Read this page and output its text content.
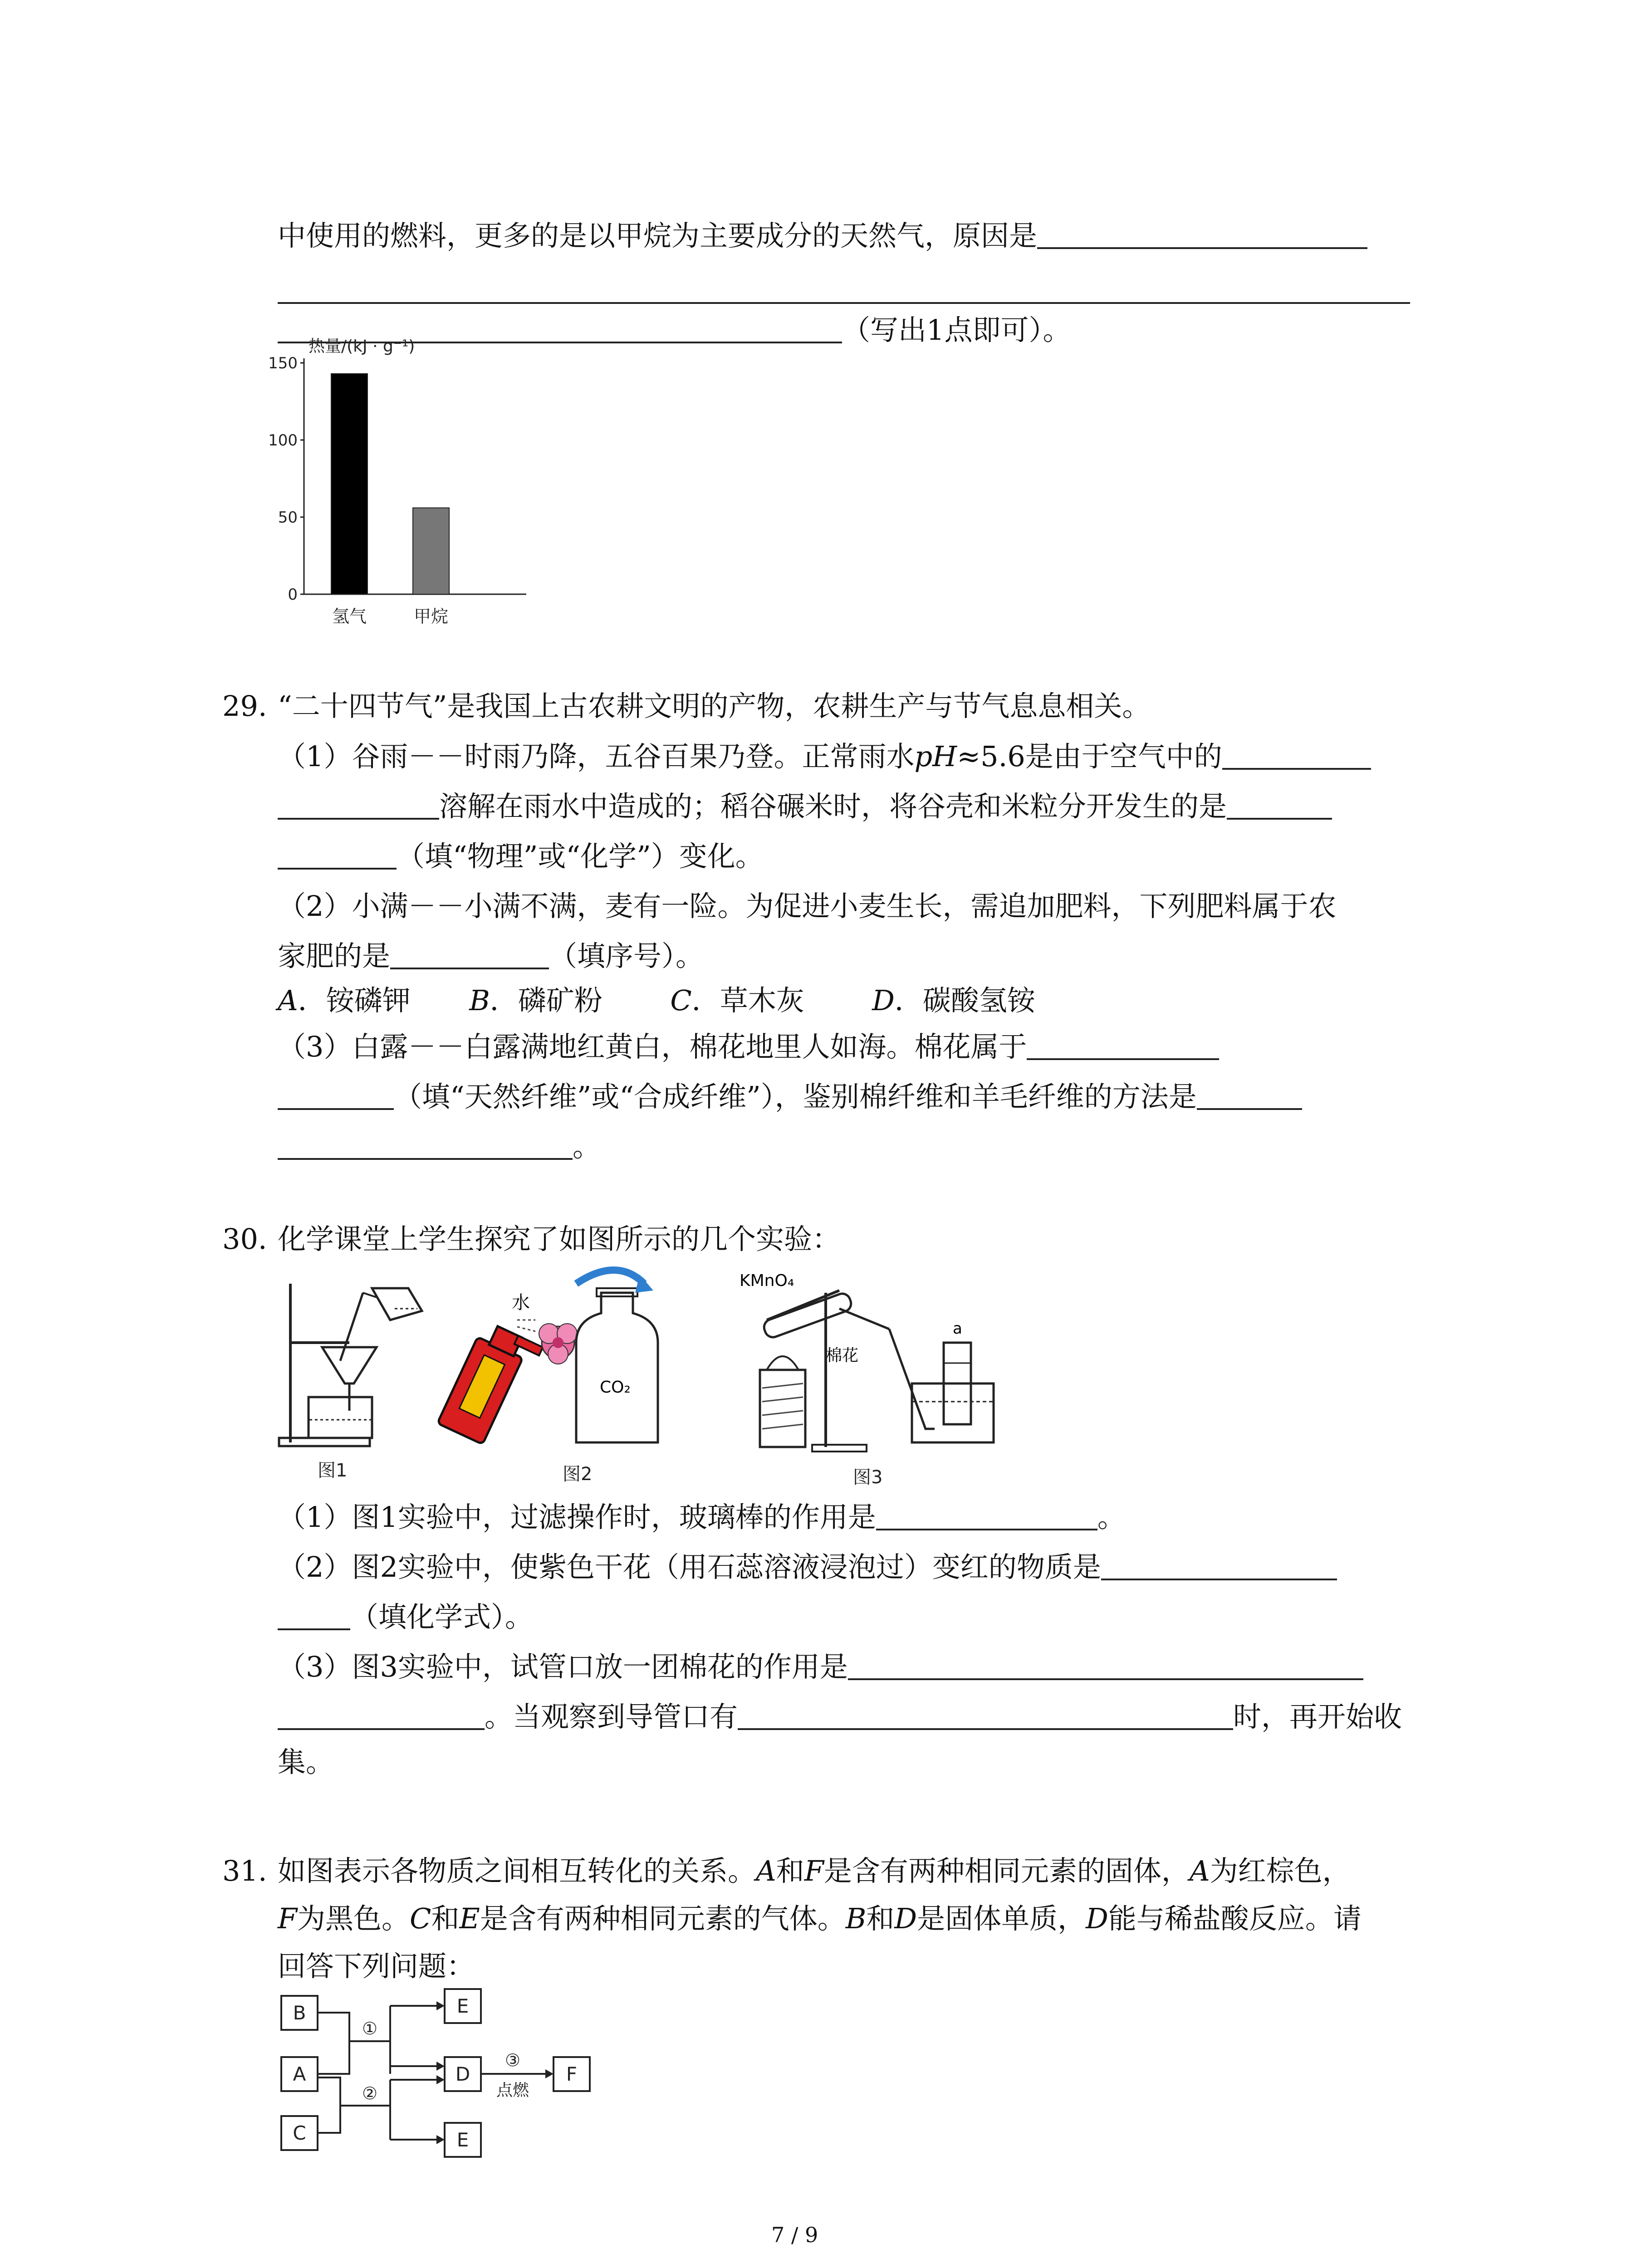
中使用的燃料，更多的是以甲烷为主要成分的天然气，原因是
（写出1点即可）。
热量/(kJ · g⁻¹)
0
50
100
150
氢气	甲烷
29. “二十四节气”是我国上古农耕文明的产物，农耕生产与节气息息相关。
（1）谷雨－－时雨乃降，五谷百果乃登。正常雨水pH≈5.6是由于空气中的
溶解在雨水中造成的；稻谷碾米时，将谷壳和米粒分开发生的是
（填“物理”或“化学”）变化。
（2）小满－－小满不满，麦有一险。为促进小麦生长，需追加肥料，下列肥料属于农
家肥的是	（填序号）。
A．铵磷钾 B．磷矿粉 C．草木灰 D．碳酸氢铵
（3）白露－－白露满地红黄白，棉花地里人如海。棉花属于
（填“天然纤维”或“合成纤维”），鉴别棉纤维和羊毛纤维的方法是
。
30. 化学课堂上学生探究了如图所示的几个实验：
图1
水
CO₂
图2
KMnO₄
棉花
a
图3
（1）图1实验中，过滤操作时，玻璃棒的作用是	。
（2）图2实验中，使紫色干花（用石蕊溶液浸泡过）变红的物质是
（填化学式）。
（3）图3实验中，试管口放一团棉花的作用是
。当观察到导管口有	时，再开始收
集。
31. 如图表示各物质之间相互转化的关系。A和F是含有两种相同元素的固体，A为红棕色，
F为黑色。C和E是含有两种相同元素的气体。B和D是固体单质，D能与稀盐酸反应。请
回答下列问题：
B
A
C
E
D	F
E
①
②
③
点燃
7 / 9
